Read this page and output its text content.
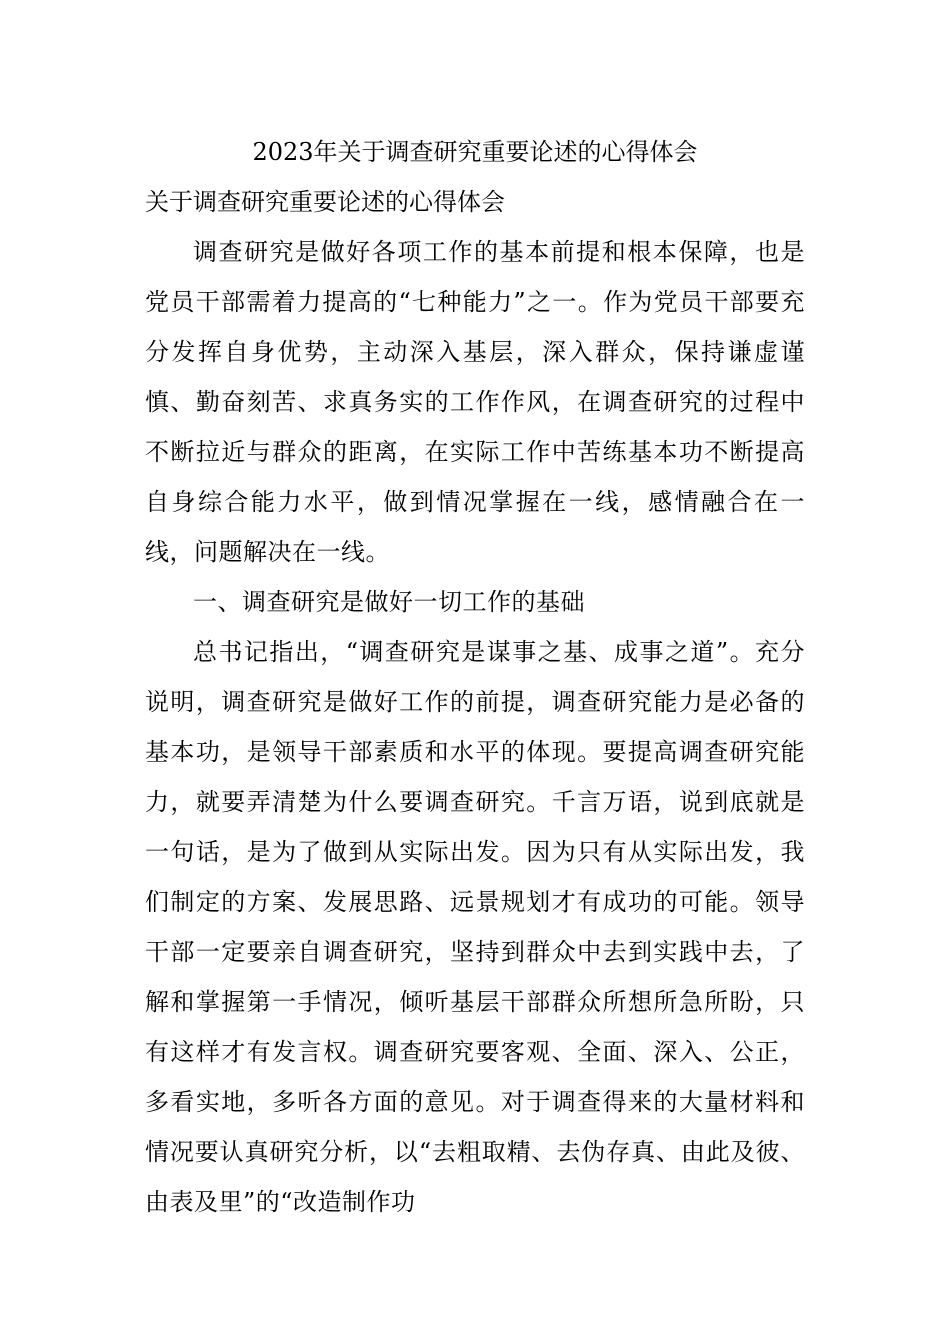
2023年关于调查研究重要论述的心得体会

关于调查研究重要论述的心得体会

调查研究是做好各项工作的基本前提和根本保障，也是党员干部需着力提高的“七种能力”之一。作为党员干部要充分发挥自身优势，主动深入基层，深入群众，保持谦虚谨慎、勤奋刻苦、求真务实的工作作风，在调查研究的过程中不断拉近与群众的距离，在实际工作中苦练基本功不断提高自身综合能力水平，做到情况掌握在一线，感情融合在一线，问题解决在一线。

一、调查研究是做好一切工作的基础

总书记指出，“调查研究是谋事之基、成事之道”。充分说明，调查研究是做好工作的前提，调查研究能力是必备的基本功，是领导干部素质和水平的体现。要提高调查研究能力，就要弄清楚为什么要调查研究。千言万语，说到底就是一句话，是为了做到从实际出发。因为只有从实际出发，我们制定的方案、发展思路、远景规划才有成功的可能。领导干部一定要亲自调查研究，坚持到群众中去到实践中去，了解和掌握第一手情况，倾听基层干部群众所想所急所盼，只有这样才有发言权。调查研究要客观、全面、深入、公正，多看实地，多听各方面的意见。对于调查得来的大量材料和情况要认真研究分析，以“去粗取精、去伪存真、由此及彼、由表及里”的“改造制作功
